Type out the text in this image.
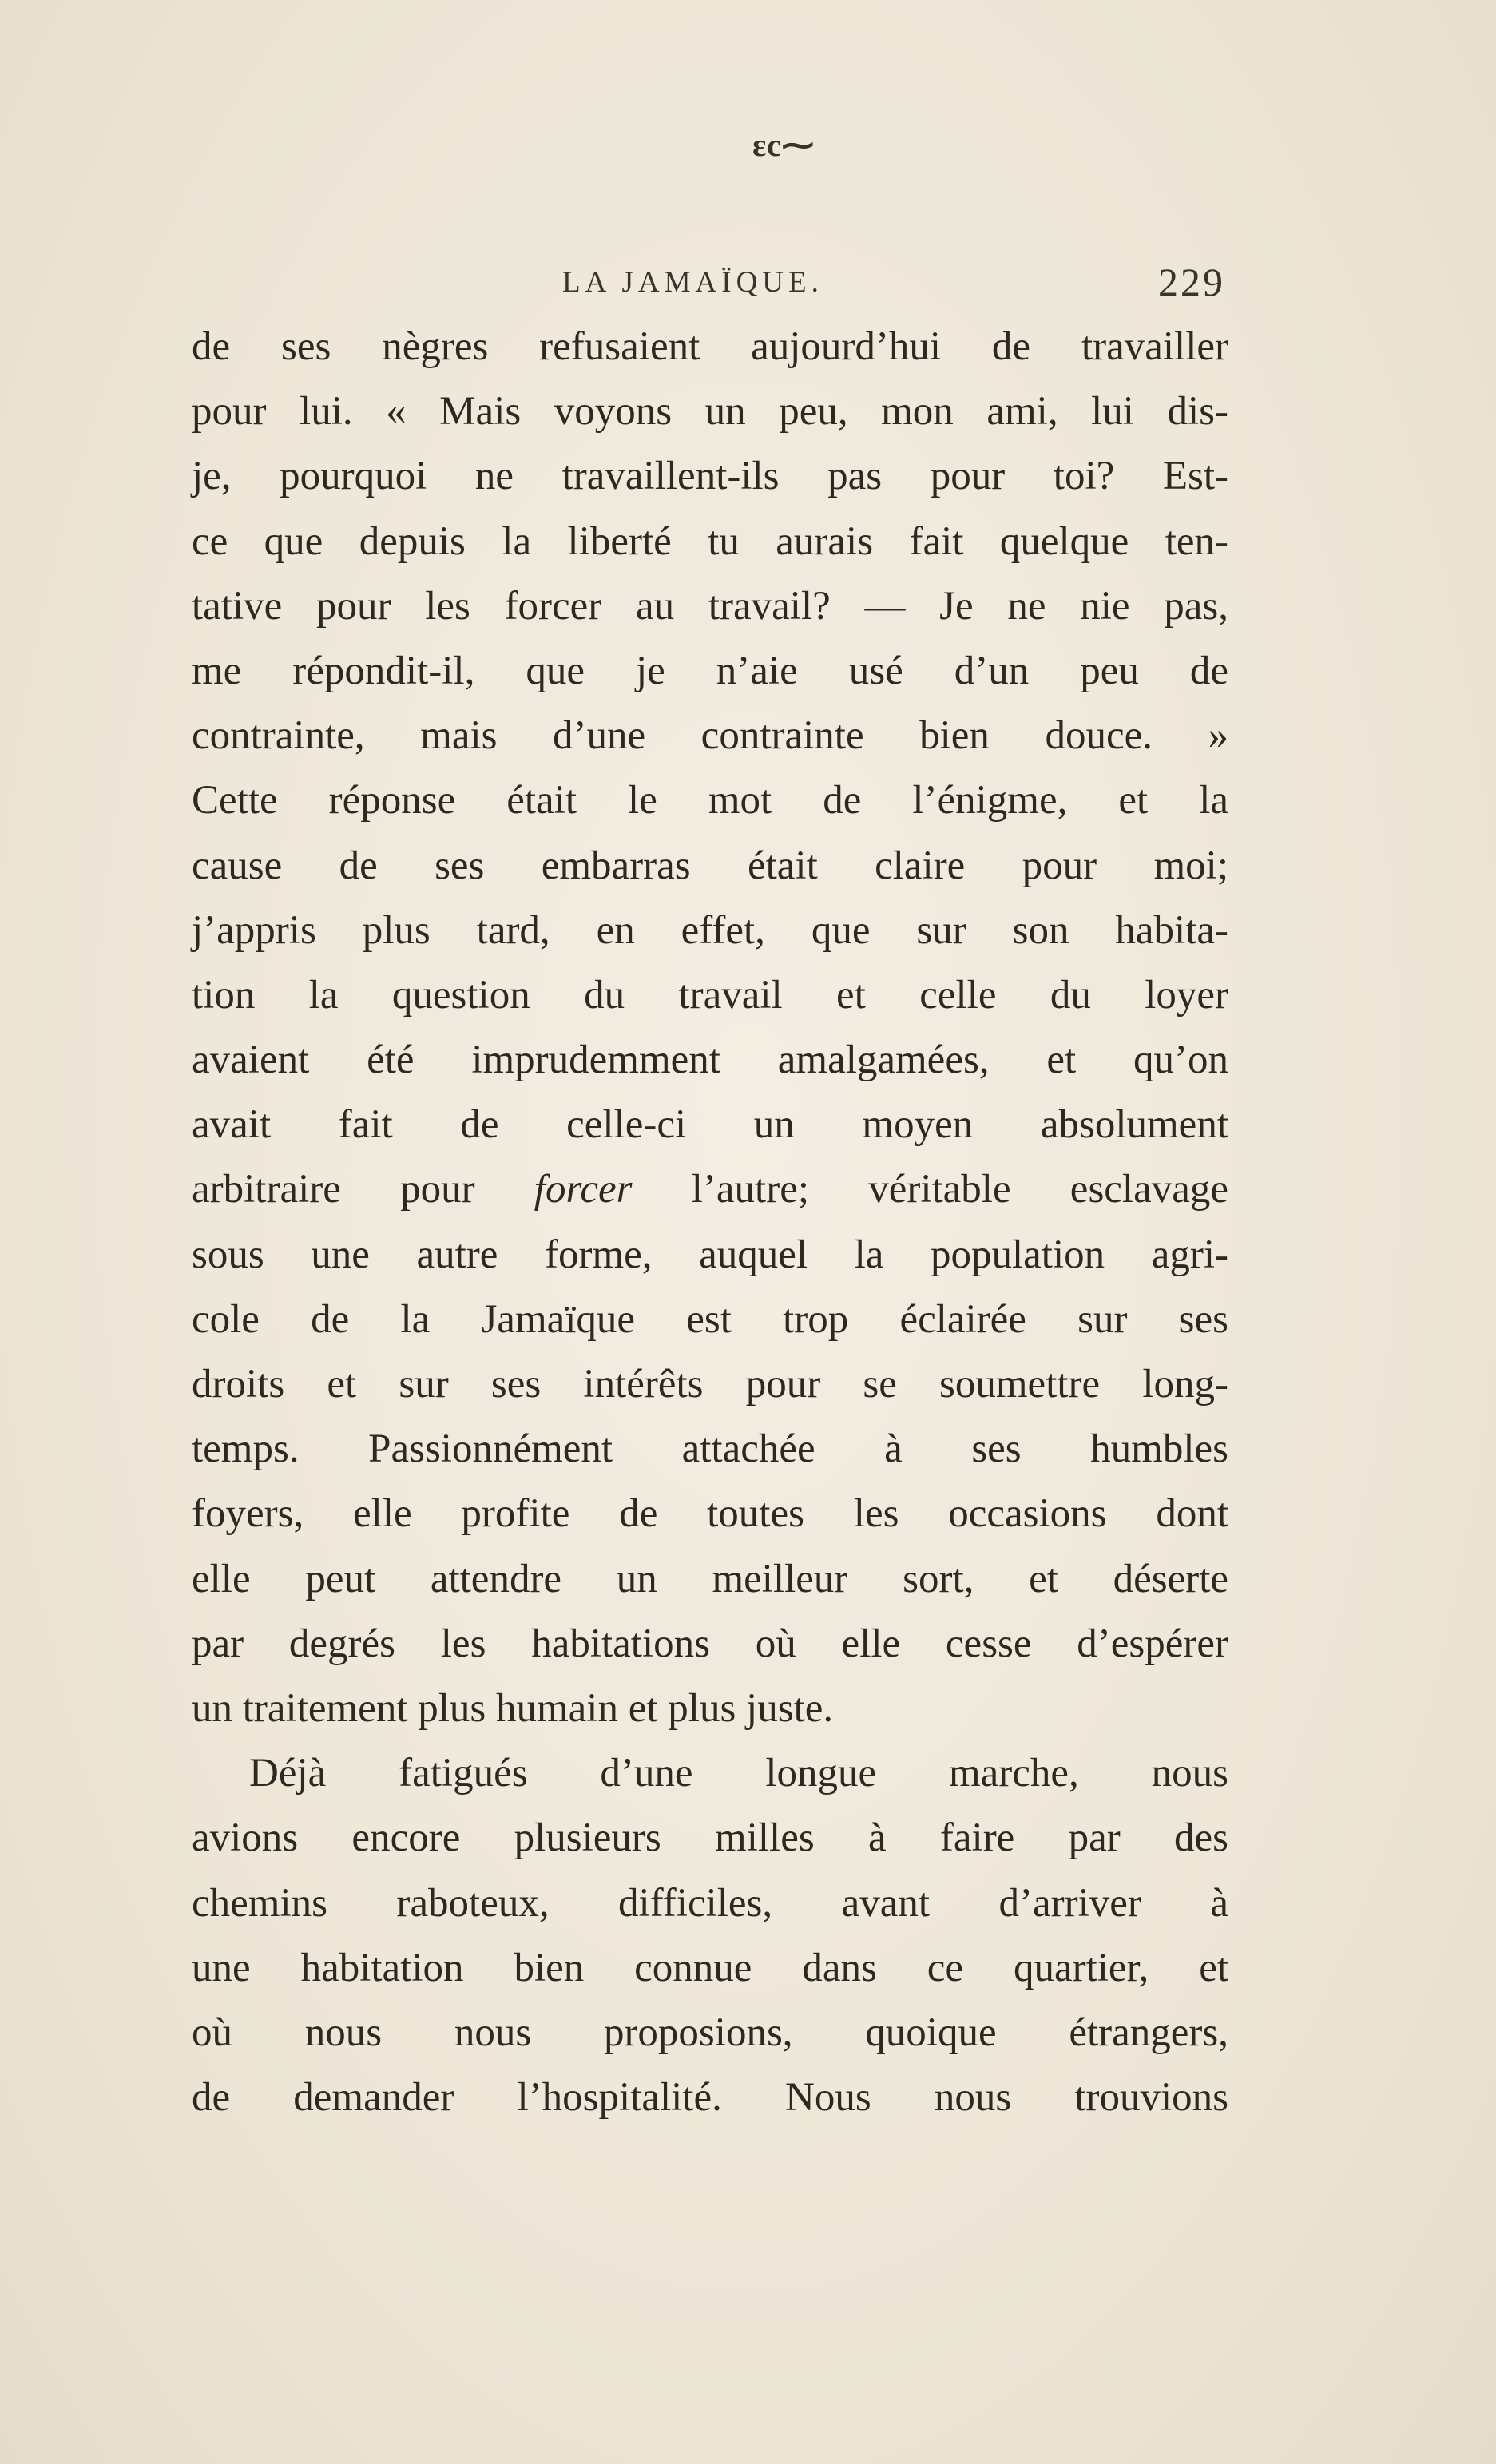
ɛc⁓
LA JAMAÏQUE.	229
de ses nègres refusaient aujourd’hui de travailler
pour lui. « Mais voyons un peu, mon ami, lui dis-
je, pourquoi ne travaillent-ils pas pour toi? Est-
ce que depuis la liberté tu aurais fait quelque ten-
tative pour les forcer au travail? — Je ne nie pas,
me répondit-il, que je n’aie usé d’un peu de
contrainte, mais d’une contrainte bien douce. »
Cette réponse était le mot de l’énigme, et la
cause de ses embarras était claire pour moi;
j’appris plus tard, en effet, que sur son habita-
tion la question du travail et celle du loyer
avaient été imprudemment amalgamées, et qu’on
avait fait de celle-ci un moyen absolument
arbitraire pour forcer l’autre; véritable esclavage
sous une autre forme, auquel la population agri-
cole de la Jamaïque est trop éclairée sur ses
droits et sur ses intérêts pour se soumettre long-
temps. Passionnément attachée à ses humbles
foyers, elle profite de toutes les occasions dont
elle peut attendre un meilleur sort, et déserte
par degrés les habitations où elle cesse d’espérer
un traitement plus humain et plus juste.
Déjà fatigués d’une longue marche, nous
avions encore plusieurs milles à faire par des
chemins raboteux, difficiles, avant d’arriver à
une habitation bien connue dans ce quartier, et
où nous nous proposions, quoique étrangers,
de demander l’hospitalité. Nous nous trouvions
